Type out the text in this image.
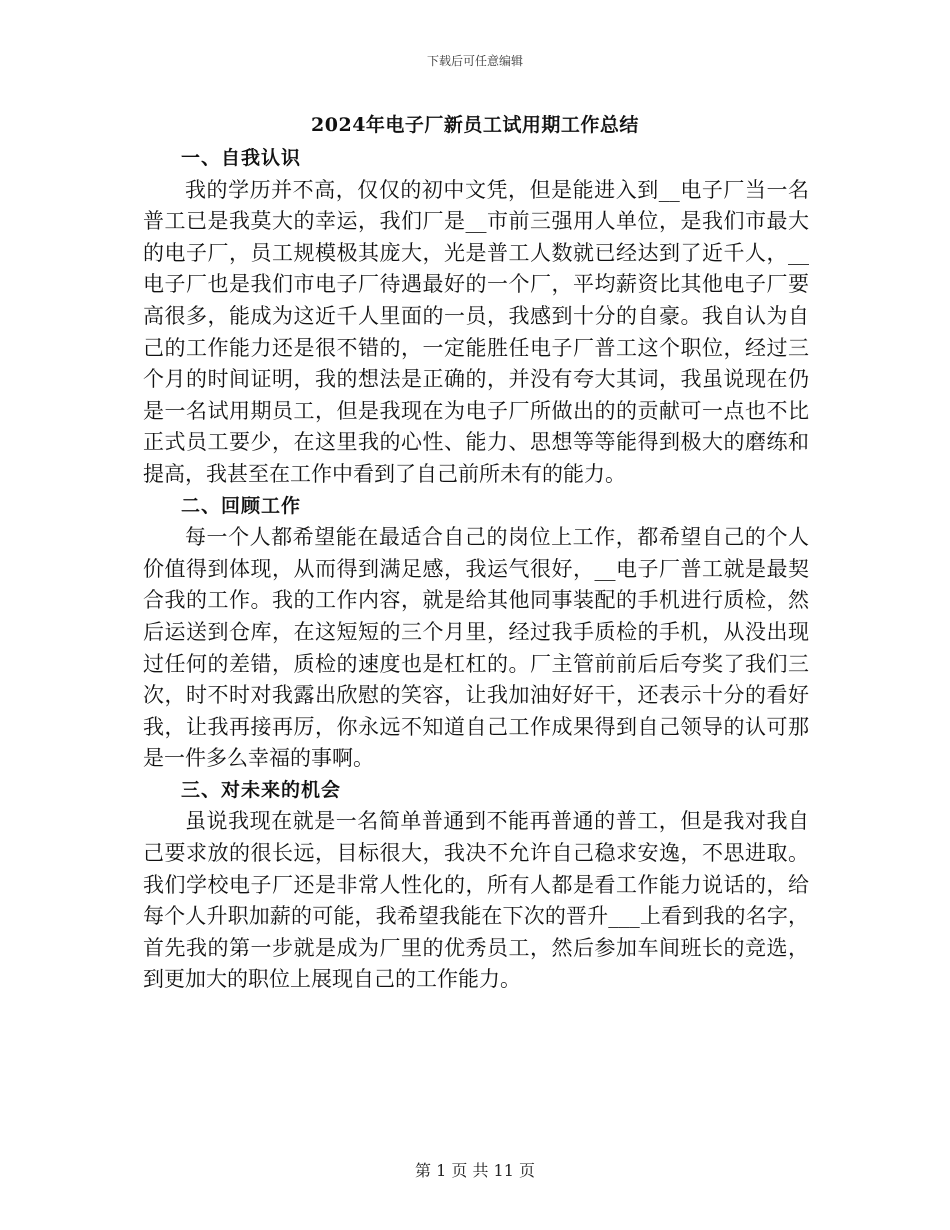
下载后可任意编辑
2024年电子厂新员工试用期工作总结

一、自我认识

我的学历并不高，仅仅的初中文凭，但是能进入到__电子厂当一名普工已是我莫大的幸运，我们厂是__市前三强用人单位，是我们市最大的电子厂，员工规模极其庞大，光是普工人数就已经达到了近千人，__电子厂也是我们市电子厂待遇最好的一个厂，平均薪资比其他电子厂要高很多，能成为这近千人里面的一员，我感到十分的自豪。我自认为自己的工作能力还是很不错的，一定能胜任电子厂普工这个职位，经过三个月的时间证明，我的想法是正确的，并没有夸大其词，我虽说现在仍是一名试用期员工，但是我现在为电子厂所做出的的贡献可一点也不比正式员工要少，在这里我的心性、能力、思想等等能得到极大的磨练和提高，我甚至在工作中看到了自己前所未有的能力。

二、回顾工作

每一个人都希望能在最适合自己的岗位上工作，都希望自己的个人价值得到体现，从而得到满足感，我运气很好，__电子厂普工就是最契合我的工作。我的工作内容，就是给其他同事装配的手机进行质检，然后运送到仓库，在这短短的三个月里，经过我手质检的手机，从没出现过任何的差错，质检的速度也是杠杠的。厂主管前前后后夸奖了我们三次，时不时对我露出欣慰的笑容，让我加油好好干，还表示十分的看好我，让我再接再厉，你永远不知道自己工作成果得到自己领导的认可那是一件多么幸福的事啊。

三、对未来的机会

虽说我现在就是一名简单普通到不能再普通的普工，但是我对我自己要求放的很长远，目标很大，我决不允许自己稳求安逸，不思进取。我们学校电子厂还是非常人性化的，所有人都是看工作能力说话的，给每个人升职加薪的可能，我希望我能在下次的晋升___上看到我的名字，首先我的第一步就是成为厂里的优秀员工，然后参加车间班长的竞选，到更加大的职位上展现自己的工作能力。

第 1 页 共 11 页
